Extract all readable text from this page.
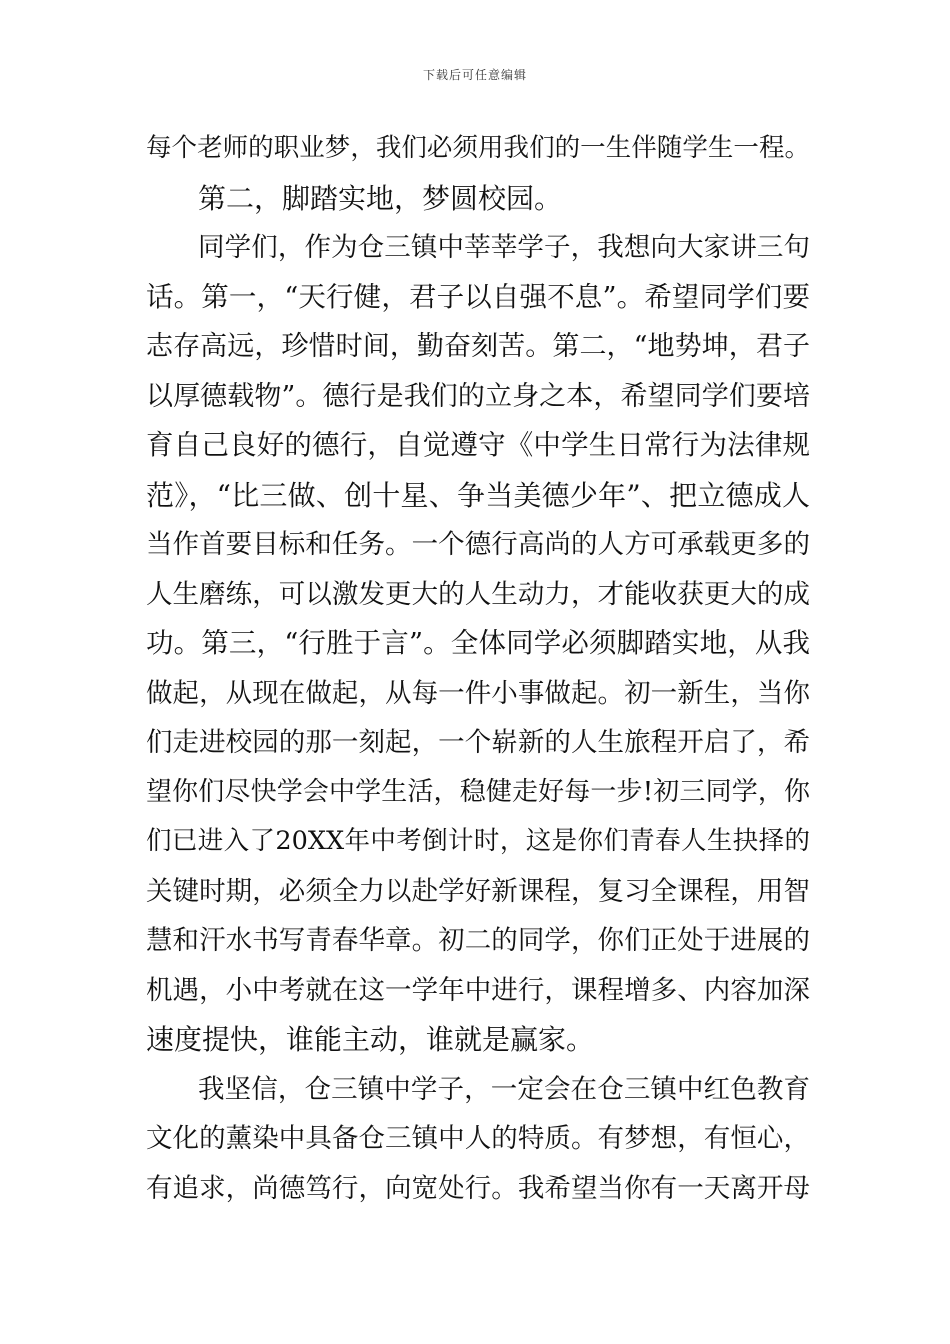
下载后可任意编辑
每个老师的职业梦，我们必须用我们的一生伴随学生一程。
第二，脚踏实地，梦圆校园。
同学们，作为仓三镇中莘莘学子，我想向大家讲三句
话。第一，“天行健，君子以自强不息”。希望同学们要
志存高远，珍惜时间，勤奋刻苦。第二，“地势坤，君子
以厚德载物”。德行是我们的立身之本，希望同学们要培
育自己良好的德行，自觉遵守《中学生日常行为法律规
范》，“比三做、创十星、争当美德少年”、把立德成人
当作首要目标和任务。一个德行高尚的人方可承载更多的
人生磨练，可以激发更大的人生动力，才能收获更大的成
功。第三，“行胜于言”。全体同学必须脚踏实地，从我
做起，从现在做起，从每一件小事做起。初一新生，当你
们走进校园的那一刻起，一个崭新的人生旅程开启了，希
望你们尽快学会中学生活，稳健走好每一步!初三同学，你
们已进入了20XX年中考倒计时，这是你们青春人生抉择的
关键时期，必须全力以赴学好新课程，复习全课程，用智
慧和汗水书写青春华章。初二的同学，你们正处于进展的
机遇，小中考就在这一学年中进行，课程增多、内容加深
速度提快，谁能主动，谁就是赢家。
我坚信，仓三镇中学子，一定会在仓三镇中红色教育
文化的薰染中具备仓三镇中人的特质。有梦想，有恒心，
有追求，尚德笃行，向宽处行。我希望当你有一天离开母
